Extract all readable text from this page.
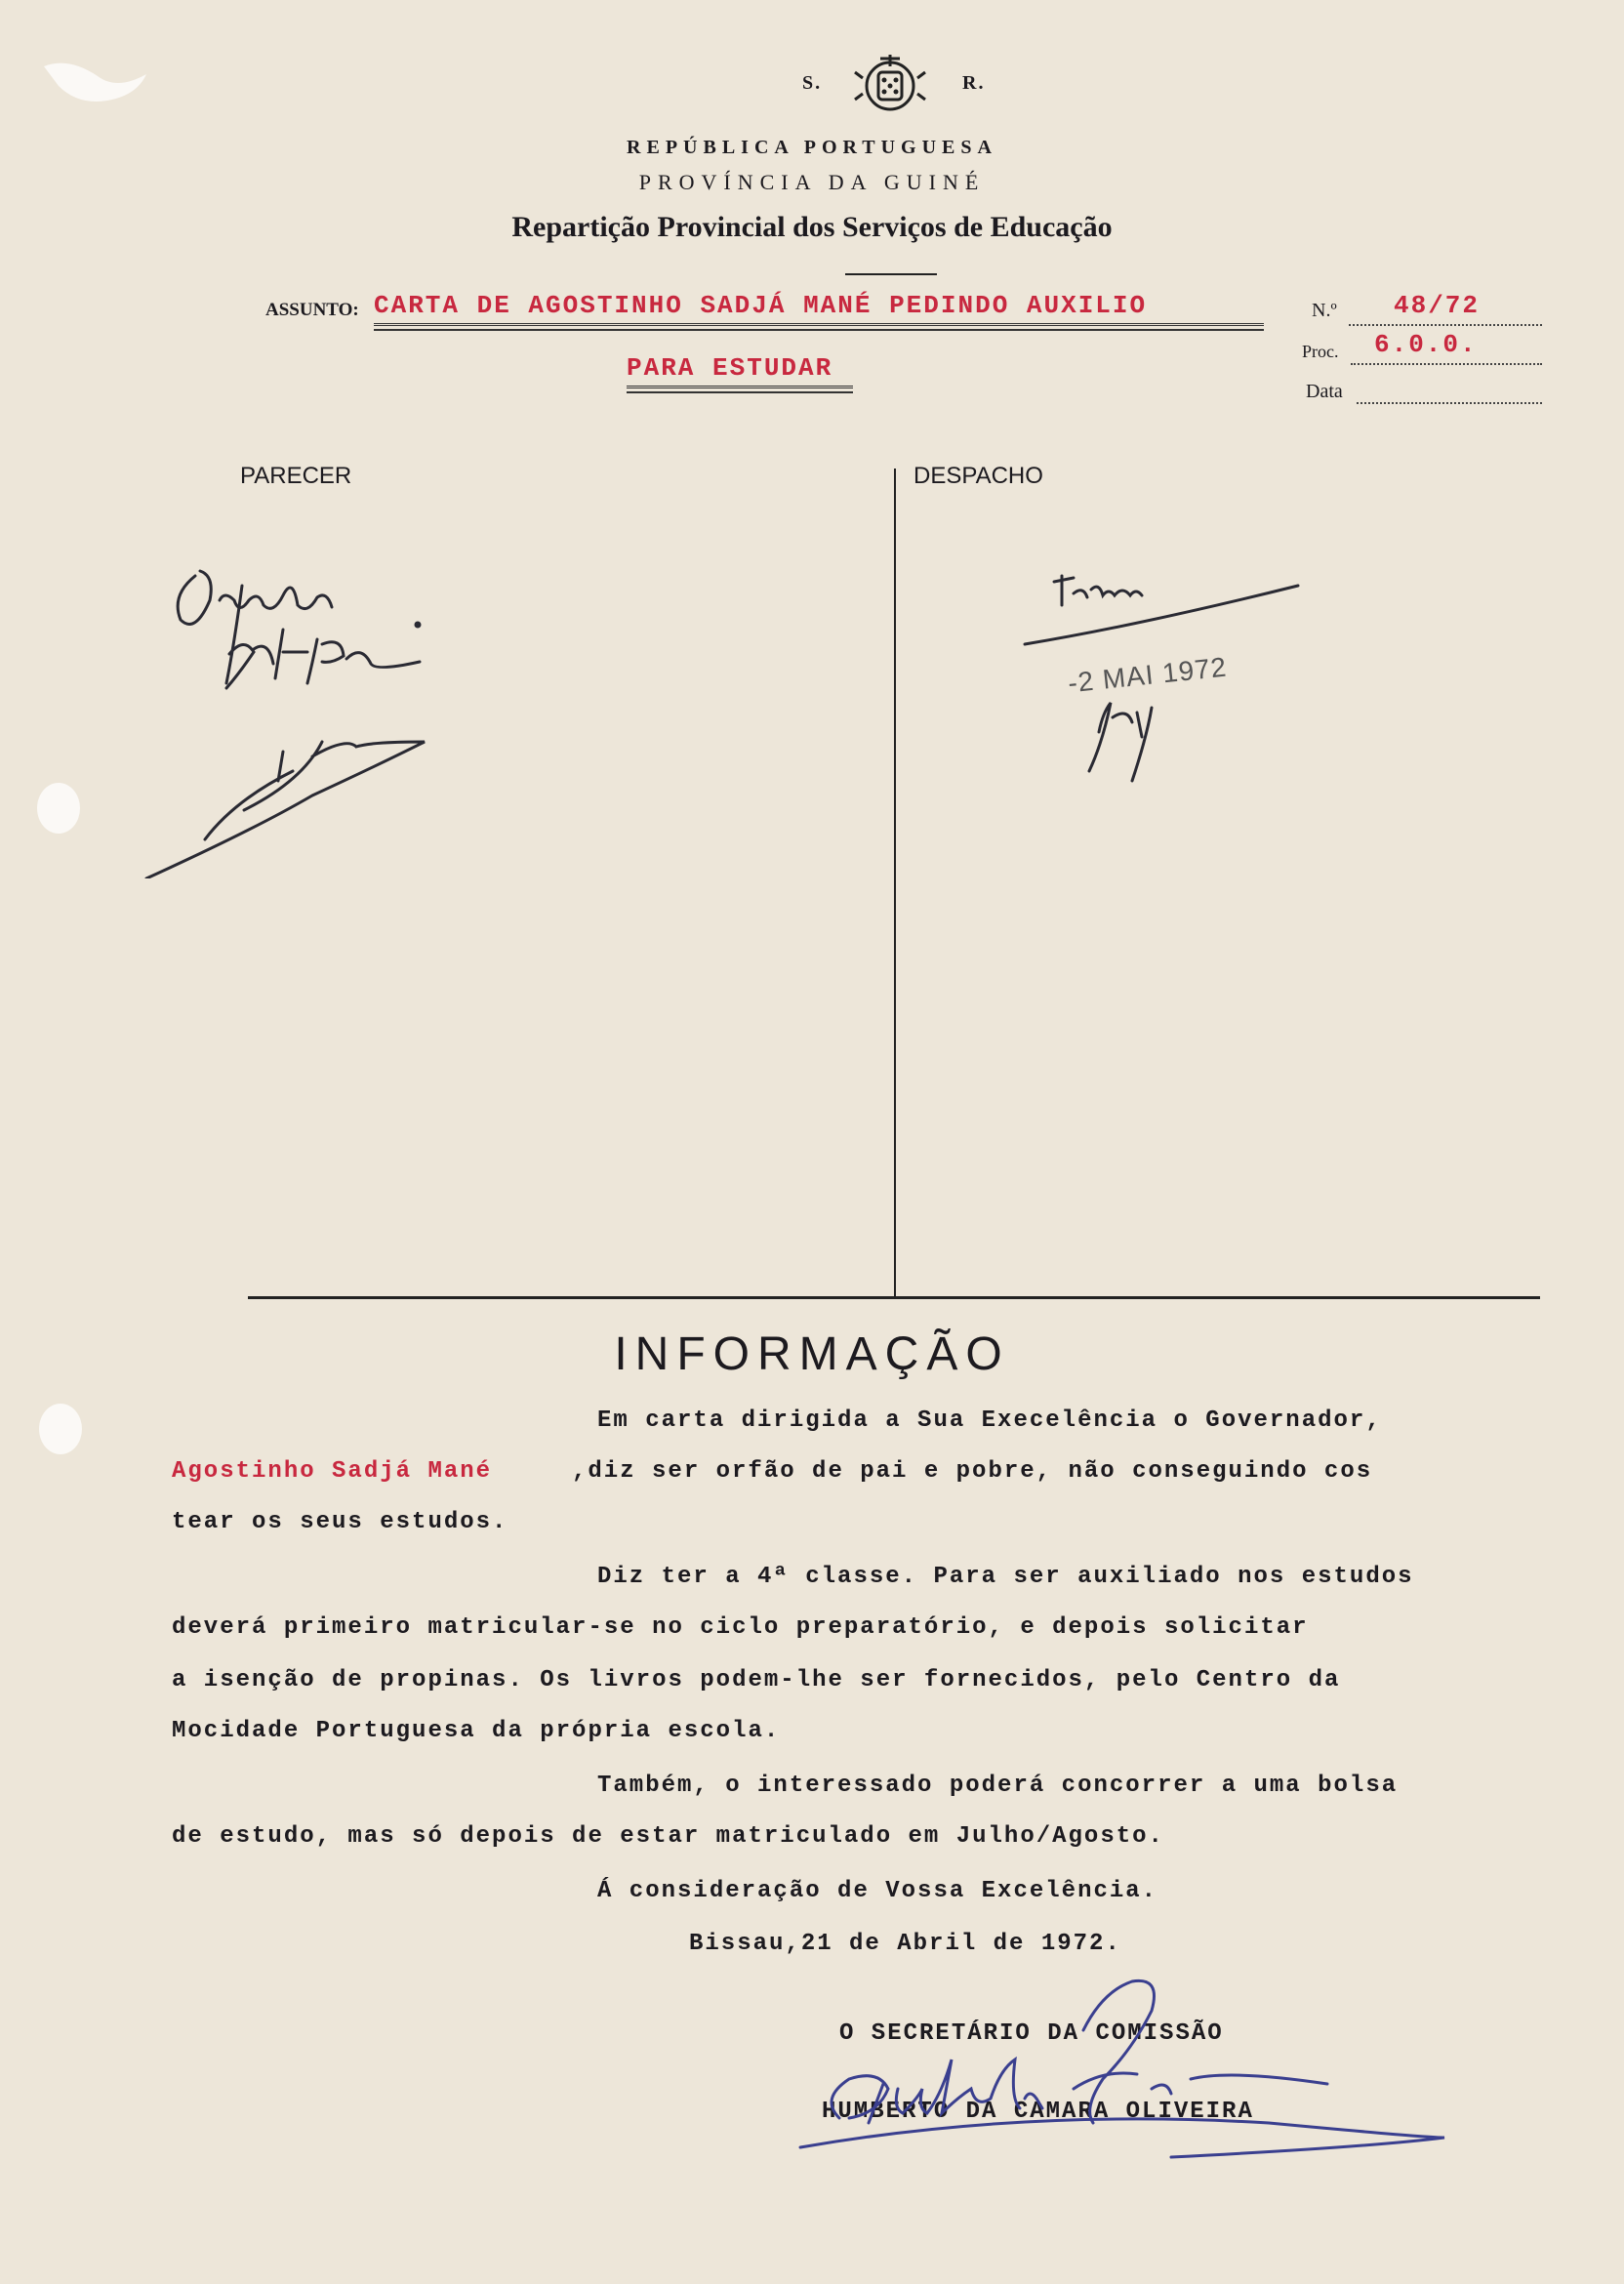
S.	R.
REPÚBLICA PORTUGUESA
PROVÍNCIA DA GUINÉ
Repartição Provincial dos Serviços de Educação
ASSUNTO: CARTA DE AGOSTINHO SADJÁ MANÉ PEDINDO AUXILIO
PARA ESTUDAR
N.º 48/72
Proc. 6.0.0.
Data
PARECER	DESPACHO
-2 MAI 1972
INFORMAÇÃO
Em carta dirigida a Sua Execelência o Governador,
Agostinho Sadjá Mané	,diz ser orfão de pai e pobre, não conseguindo cos
tear os seus estudos.
Diz ter a 4ª classe. Para ser auxiliado nos estudos
deverá primeiro matricular-se no ciclo preparatório, e depois solicitar
a isenção de propinas. Os livros podem-lhe ser fornecidos, pelo Centro da
Mocidade Portuguesa da própria escola.
Também, o interessado poderá concorrer a uma bolsa
de estudo, mas só depois de estar matriculado em Julho/Agosto.
Á consideração de Vossa Excelência.
Bissau,21 de Abril de 1972.
O SECRETÁRIO DA COMISSÃO
HUMBERTO DA CAMARA OLIVEIRA
